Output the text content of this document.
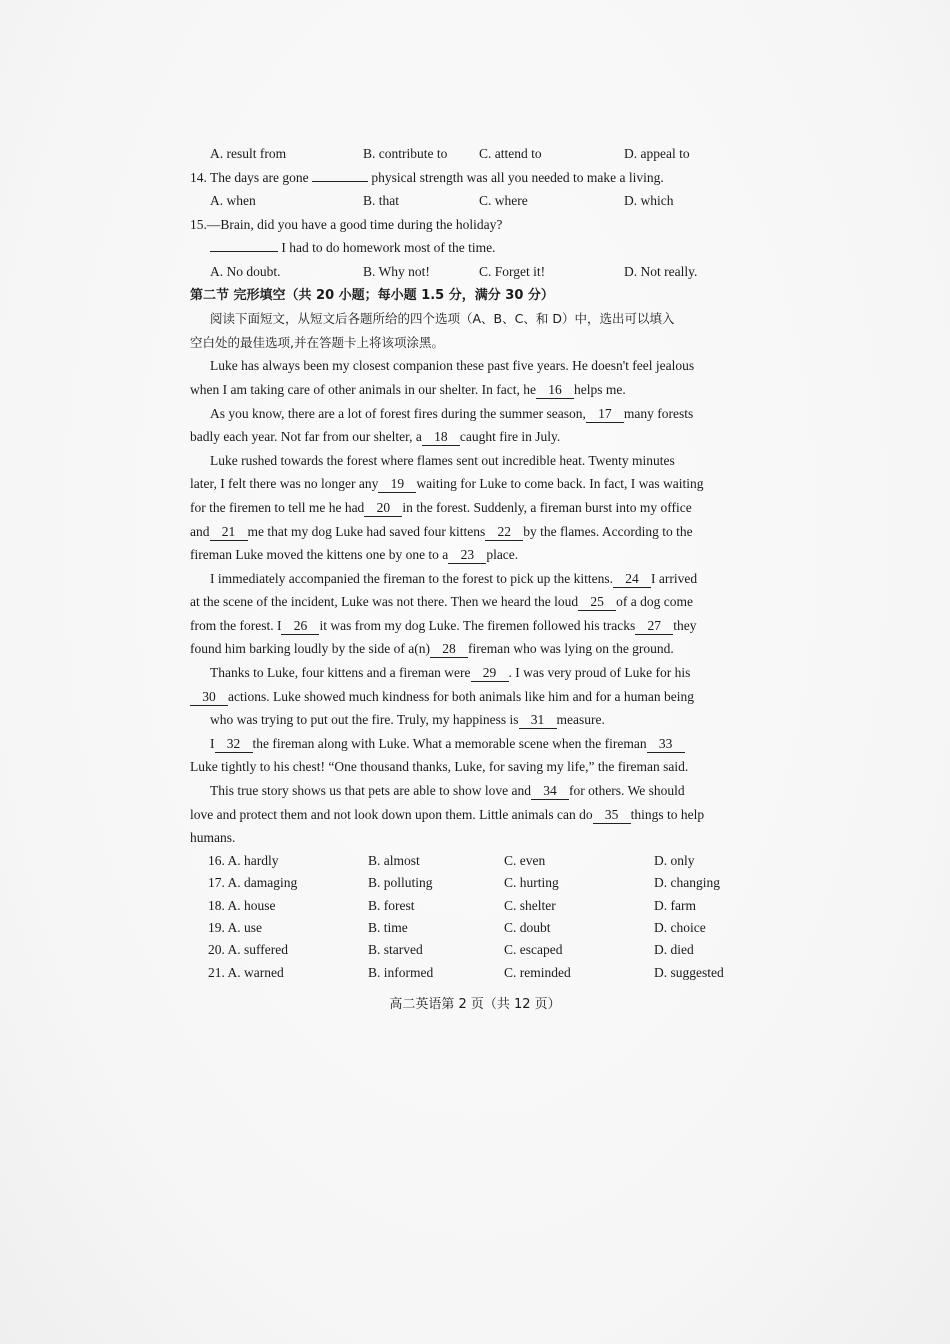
A. result from	B. contribute to	C. attend to	D. appeal to
14. The days are gone	physical strength was all you needed to make a living.
A. when	B. that	C. where	D. which
15.—Brain, did you have a good time during the holiday?
I had to do homework most of the time.
A. No doubt.	B. Why not!	C. Forget it!	D. Not really.
第二节 完形填空（共 20 小题；每小题 1.5 分，满分 30 分）
阅读下面短文，从短文后各题所给的四个选项（A、B、C、和 D）中，选出可以填入
空白处的最佳选项,并在答题卡上将该项涂黑。
Luke has always been my closest companion these past five years. He doesn't feel jealous
when I am taking care of other animals in our shelter. In fact, he 16 helps me.
As you know, there are a lot of forest fires during the summer season, 17 many forests
badly each year. Not far from our shelter, a 18 caught fire in July.
Luke rushed towards the forest where flames sent out incredible heat. Twenty minutes
later, I felt there was no longer any 19 waiting for Luke to come back. In fact, I was waiting
for the firemen to tell me he had 20 in the forest. Suddenly, a fireman burst into my office
and 21 me that my dog Luke had saved four kittens 22 by the flames. According to the
fireman Luke moved the kittens one by one to a 23 place.
I immediately accompanied the fireman to the forest to pick up the kittens. 24 I arrived
at the scene of the incident, Luke was not there. Then we heard the loud 25 of a dog come
from the forest. I 26 it was from my dog Luke. The firemen followed his tracks 27 they
found him barking loudly by the side of a(n) 28 fireman who was lying on the ground.
Thanks to Luke, four kittens and a fireman were 29 . I was very proud of Luke for his
30 actions. Luke showed much kindness for both animals like him and for a human being
who was trying to put out the fire. Truly, my happiness is 31 measure.
I 32 the fireman along with Luke. What a memorable scene when the fireman 33
Luke tightly to his chest! “One thousand thanks, Luke, for saving my life,” the fireman said.
This true story shows us that pets are able to show love and 34 for others. We should
love and protect them and not look down upon them. Little animals can do 35 things to help
humans.
16. A. hardly	B. almost	C. even	D. only
17. A. damaging	B. polluting	C. hurting	D. changing
18. A. house	B. forest	C. shelter	D. farm
19. A. use	B. time	C. doubt	D. choice
20. A. suffered	B. starved	C. escaped	D. died
21. A. warned	B. informed	C. reminded	D. suggested
高二英语第 2 页（共 12 页）
